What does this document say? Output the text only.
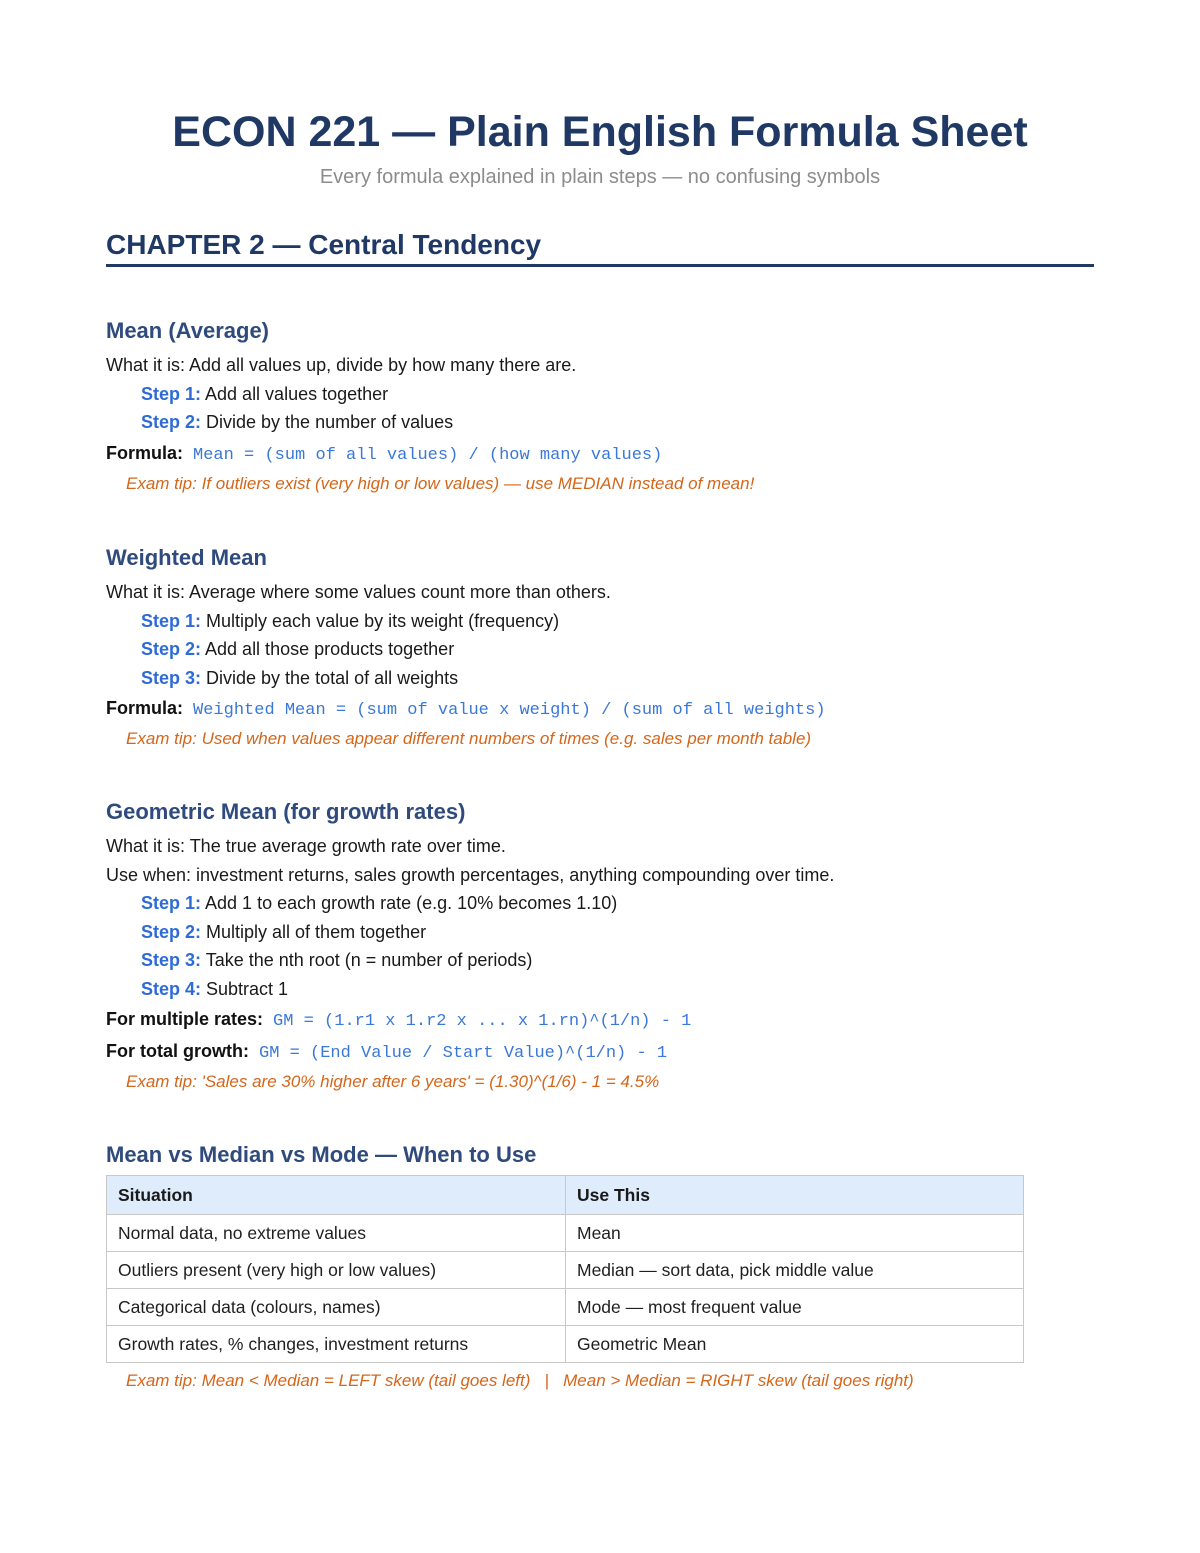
ECON 221 — Plain English Formula Sheet
Every formula explained in plain steps — no confusing symbols
CHAPTER 2 — Central Tendency
Mean (Average)
What it is: Add all values up, divide by how many there are.
Step 1: Add all values together
Step 2: Divide by the number of values
Formula: Mean = (sum of all values) / (how many values)
Exam tip: If outliers exist (very high or low values) — use MEDIAN instead of mean!
Weighted Mean
What it is: Average where some values count more than others.
Step 1: Multiply each value by its weight (frequency)
Step 2: Add all those products together
Step 3: Divide by the total of all weights
Formula: Weighted Mean = (sum of value x weight) / (sum of all weights)
Exam tip: Used when values appear different numbers of times (e.g. sales per month table)
Geometric Mean (for growth rates)
What it is: The true average growth rate over time.
Use when: investment returns, sales growth percentages, anything compounding over time.
Step 1: Add 1 to each growth rate (e.g. 10% becomes 1.10)
Step 2: Multiply all of them together
Step 3: Take the nth root (n = number of periods)
Step 4: Subtract 1
For multiple rates: GM = (1.r1 x 1.r2 x ... x 1.rn)^(1/n) - 1
For total growth: GM = (End Value / Start Value)^(1/n) - 1
Exam tip: 'Sales are 30% higher after 6 years' = (1.30)^(1/6) - 1 = 4.5%
Mean vs Median vs Mode — When to Use
Situation	Use This
Normal data, no extreme values	Mean
Outliers present (very high or low values)	Median — sort data, pick middle value
Categorical data (colours, names)	Mode — most frequent value
Growth rates, % changes, investment returns	Geometric Mean
Exam tip: Mean < Median = LEFT skew (tail goes left)   |   Mean > Median = RIGHT skew (tail goes right)
